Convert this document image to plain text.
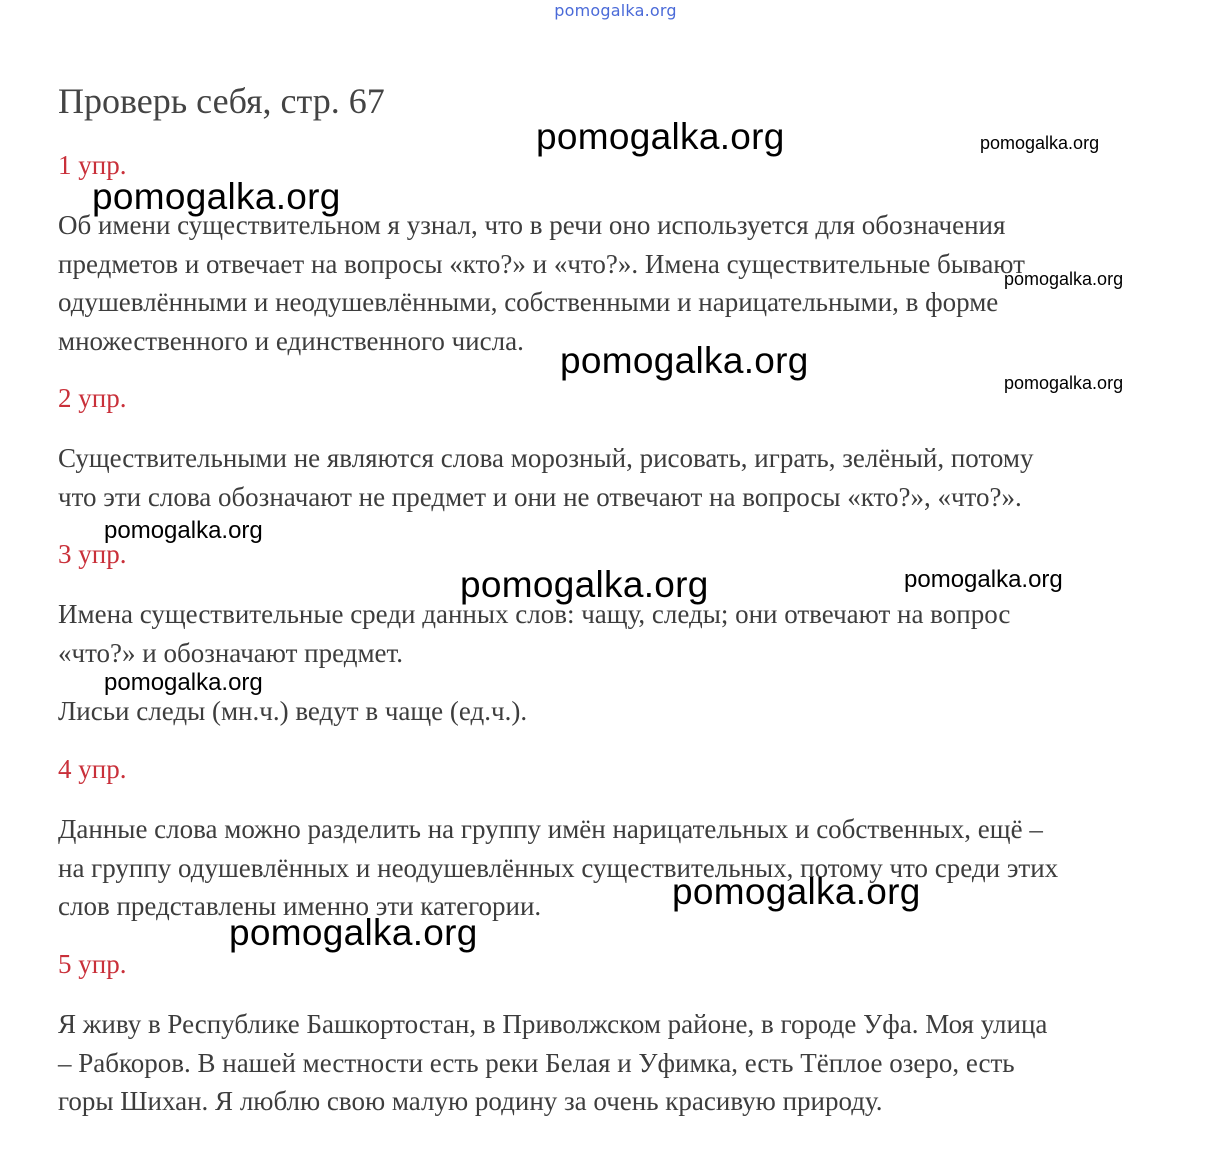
pomogalka.org
Проверь себя, стр. 67
1 упр.

Об имени существительном я узнал, что в речи оно используется для обозначения
предметов и отвечает на вопросы «кто?» и «что?». Имена существительные бывают
одушевлёнными и неодушевлёнными, собственными и нарицательными, в форме
множественного и единственного числа.

2 упр.

Существительными не являются слова морозный, рисовать, играть, зелёный, потому
что эти слова обозначают не предмет и они не отвечают на вопросы «кто?», «что?».

3 упр.

Имена существительные среди данных слов: чащу, следы; они отвечают на вопрос
«что?» и обозначают предмет.

Лисьи следы (мн.ч.) ведут в чаще (ед.ч.).

4 упр.

Данные слова можно разделить на группу имён нарицательных и собственных, ещё –
на группу одушевлённых и неодушевлённых существительных, потому что среди этих
слов представлены именно эти категории.

5 упр.

Я живу в Республике Башкортостан, в Приволжском районе, в городе Уфа. Моя улица
– Рабкоров. В нашей местности есть реки Белая и Уфимка, есть Тёплое озеро, есть
горы Шихан. Я люблю свою малую родину за очень красивую природу.

pomogalka.org	pomogalka.org
pomogalka.org
pomogalka.org
pomogalka.org
pomogalka.org
pomogalka.org
pomogalka.org	pomogalka.org
pomogalka.org
pomogalka.org
pomogalka.org
